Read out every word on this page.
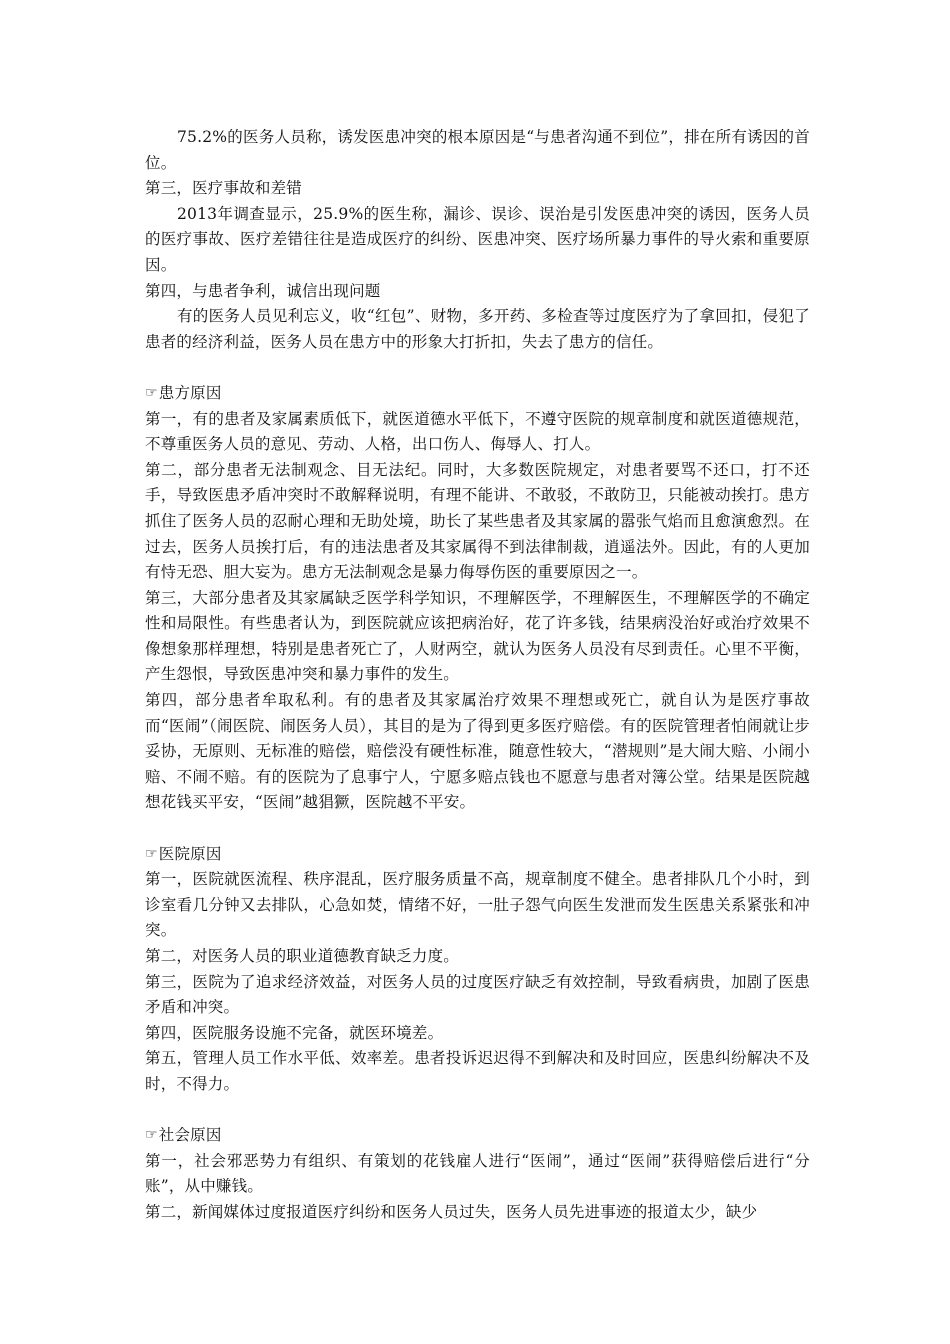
75.2%的医务人员称，诱发医患冲突的根本原因是“与患者沟通不到位”，排在所有诱因的首位。

第三，医疗事故和差错

2013年调查显示，25.9%的医生称，漏诊、误诊、误治是引发医患冲突的诱因，医务人员的医疗事故、医疗差错往往是造成医疗的纠纷、医患冲突、医疗场所暴力事件的导火索和重要原因。

第四，与患者争利，诚信出现问题

有的医务人员见利忘义，收“红包”、财物，多开药、多检查等过度医疗为了拿回扣，侵犯了患者的经济利益，医务人员在患方中的形象大打折扣，失去了患方的信任。

☞ 患方原因

第一，有的患者及家属素质低下，就医道德水平低下，不遵守医院的规章制度和就医道德规范，不尊重医务人员的意见、劳动、人格，出口伤人、侮辱人、打人。

第二，部分患者无法制观念、目无法纪。同时，大多数医院规定，对患者要骂不还口，打不还手，导致医患矛盾冲突时不敢解释说明，有理不能讲、不敢驳，不敢防卫，只能被动挨打。患方抓住了医务人员的忍耐心理和无助处境，助长了某些患者及其家属的嚣张气焰而且愈演愈烈。在过去，医务人员挨打后，有的违法患者及其家属得不到法律制裁，逍遥法外。因此，有的人更加有恃无恐、胆大妄为。患方无法制观念是暴力侮辱伤医的重要原因之一。

第三，大部分患者及其家属缺乏医学科学知识，不理解医学，不理解医生，不理解医学的不确定性和局限性。有些患者认为，到医院就应该把病治好，花了许多钱，结果病没治好或治疗效果不像想象那样理想，特别是患者死亡了，人财两空，就认为医务人员没有尽到责任。心里不平衡，产生怨恨，导致医患冲突和暴力事件的发生。

第四，部分患者牟取私利。有的患者及其家属治疗效果不理想或死亡，就自认为是医疗事故而“医闹”（闹医院、闹医务人员），其目的是为了得到更多医疗赔偿。有的医院管理者怕闹就让步妥协，无原则、无标准的赔偿，赔偿没有硬性标准，随意性较大，“潜规则”是大闹大赔、小闹小赔、不闹不赔。有的医院为了息事宁人，宁愿多赔点钱也不愿意与患者对簿公堂。结果是医院越想花钱买平安，“医闹”越猖獗，医院越不平安。

☞ 医院原因

第一，医院就医流程、秩序混乱，医疗服务质量不高，规章制度不健全。患者排队几个小时，到诊室看几分钟又去排队，心急如焚，情绪不好，一肚子怨气向医生发泄而发生医患关系紧张和冲突。

第二，对医务人员的职业道德教育缺乏力度。

第三，医院为了追求经济效益，对医务人员的过度医疗缺乏有效控制，导致看病贵，加剧了医患矛盾和冲突。

第四，医院服务设施不完备，就医环境差。

第五，管理人员工作水平低、效率差。患者投诉迟迟得不到解决和及时回应，医患纠纷解决不及时，不得力。

☞ 社会原因

第一，社会邪恶势力有组织、有策划的花钱雇人进行“医闹”，通过“医闹”获得赔偿后进行“分账”，从中赚钱。

第二，新闻媒体过度报道医疗纠纷和医务人员过失，医务人员先进事迹的报道太少，缺少
